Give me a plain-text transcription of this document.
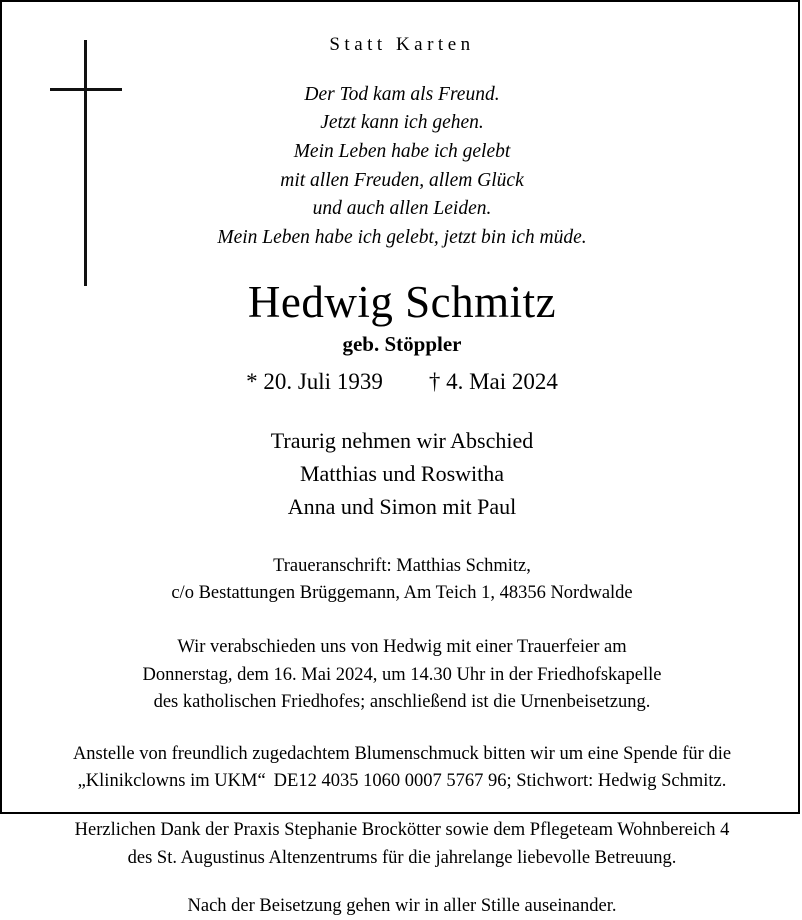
Statt Karten
Der Tod kam als Freund.
Jetzt kann ich gehen.
Mein Leben habe ich gelebt
mit allen Freuden, allem Glück
und auch allen Leiden.
Mein Leben habe ich gelebt, jetzt bin ich müde.
Hedwig Schmitz
geb. Stöppler
* 20. Juli 1939 † 4. Mai 2024
Traurig nehmen wir Abschied
Matthias und Roswitha
Anna und Simon mit Paul
Traueranschrift: Matthias Schmitz,
c/o Bestattungen Brüggemann, Am Teich 1, 48356 Nordwalde
Wir verabschieden uns von Hedwig mit einer Trauerfeier am
Donnerstag, dem 16. Mai 2024, um 14.30 Uhr in der Friedhofskapelle
des katholischen Friedhofes; anschließend ist die Urnenbeisetzung.
Anstelle von freundlich zugedachtem Blumenschmuck bitten wir um eine Spende für die
„Klinikclowns im UKM“ DE12 4035 1060 0007 5767 96; Stichwort: Hedwig Schmitz.
Herzlichen Dank der Praxis Stephanie Brockötter sowie dem Pflegeteam Wohnbereich 4
des St. Augustinus Altenzentrums für die jahrelange liebevolle Betreuung.
Nach der Beisetzung gehen wir in aller Stille auseinander.
